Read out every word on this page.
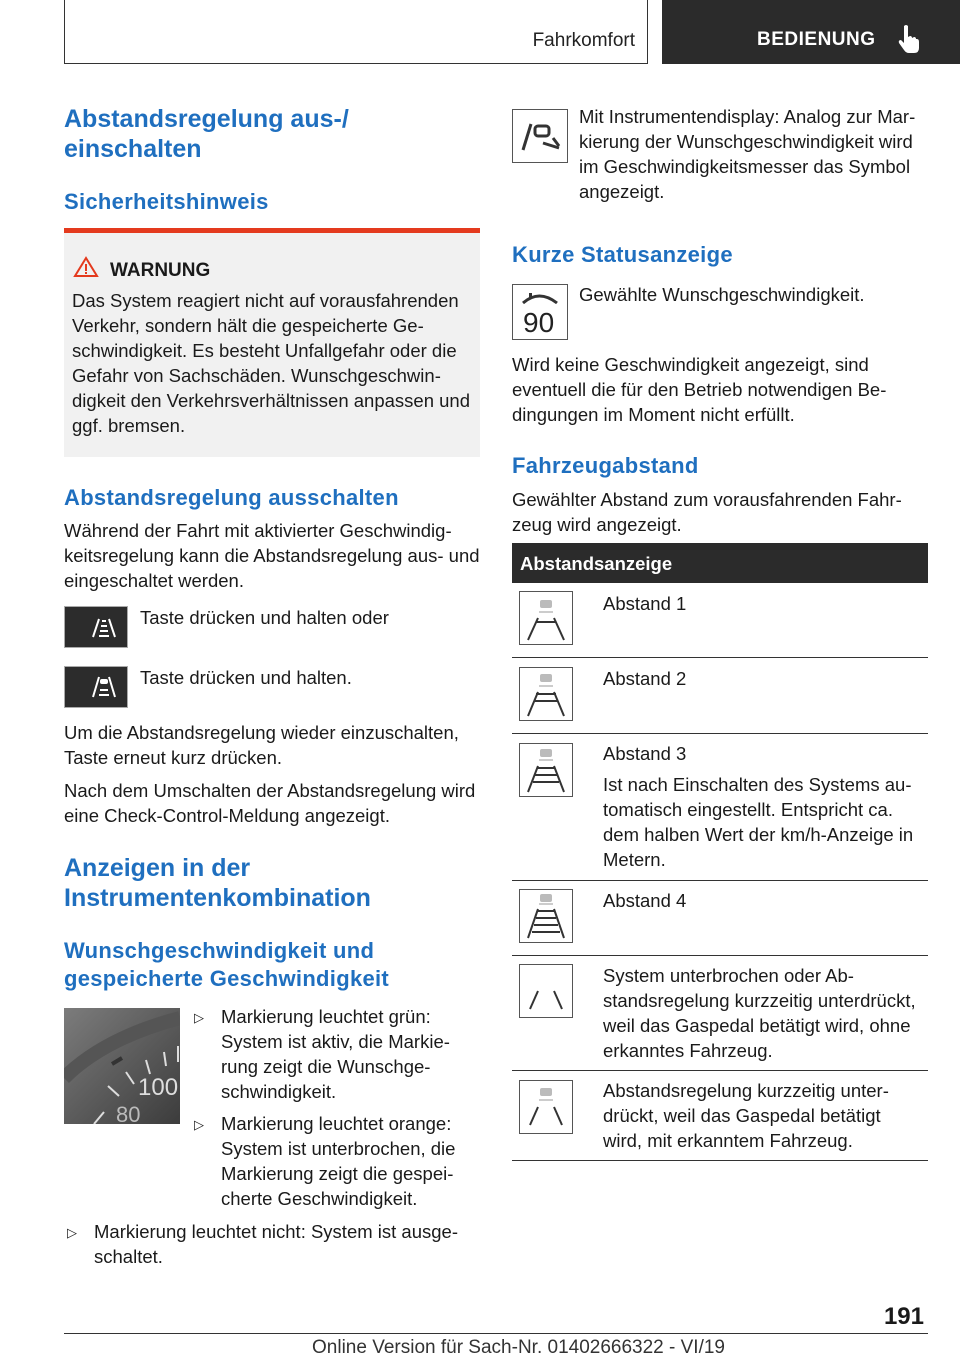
Fahrkomfort	BEDIENUNG
Abstandsregelung aus-/ einschalten
Sicherheitshinweis
WARNUNG
Das System reagiert nicht auf vorausfahrenden Verkehr, sondern hält die gespeicherte Geschwindigkeit. Es besteht Unfallgefahr oder die Gefahr von Sachschäden. Wunschgeschwindigkeit den Verkehrsverhältnissen anpassen und ggf. bremsen.
Abstandsregelung ausschalten

Während der Fahrt mit aktivierter Geschwindigkeitsregelung kann die Abstandsregelung aus- und eingeschaltet werden.

Taste drücken und halten oder
Taste drücken und halten.

Um die Abstandsregelung wieder einzuschalten, Taste erneut kurz drücken.

Nach dem Umschalten der Abstandsregelung wird eine Check-Control-Meldung angezeigt.

Anzeigen in der Instrumentenkombination
Wunschgeschwindigkeit und gespeicherte Geschwindigkeit
100
80
▷ Markierung leuchtet grün: System ist aktiv, die Markierung zeigt die Wunschgeschwindigkeit.

▷ Markierung leuchtet orange: System ist unterbrochen, die Markierung zeigt die gespeicherte Geschwindigkeit.

▷ Markierung leuchtet nicht: System ist ausgeschaltet.

Mit Instrumentendisplay: Analog zur Markierung der Wunschgeschwindigkeit wird im Geschwindigkeitsmesser das Symbol angezeigt.

Kurze Statusanzeige
90
Gewählte Wunschgeschwindigkeit.

Wird keine Geschwindigkeit angezeigt, sind eventuell die für den Betrieb notwendigen Bedingungen im Moment nicht erfüllt.

Fahrzeugabstand

Gewählter Abstand zum vorausfahrenden Fahrzeug wird angezeigt.

Abstandsanzeige
Abstand 1
Abstand 2
Abstand 3

Ist nach Einschalten des Systems automatisch eingestellt. Entspricht ca. dem halben Wert der km/h-Anzeige in Metern.

Abstand 4

System unterbrochen oder Abstandsregelung kurzzeitig unterdrückt, weil das Gaspedal betätigt wird, ohne erkanntes Fahrzeug.

Abstandsregelung kurzzeitig unterdrückt, weil das Gaspedal betätigt wird, mit erkanntem Fahrzeug.

191
Online Version für Sach-Nr. 01402666322 - VI/19
